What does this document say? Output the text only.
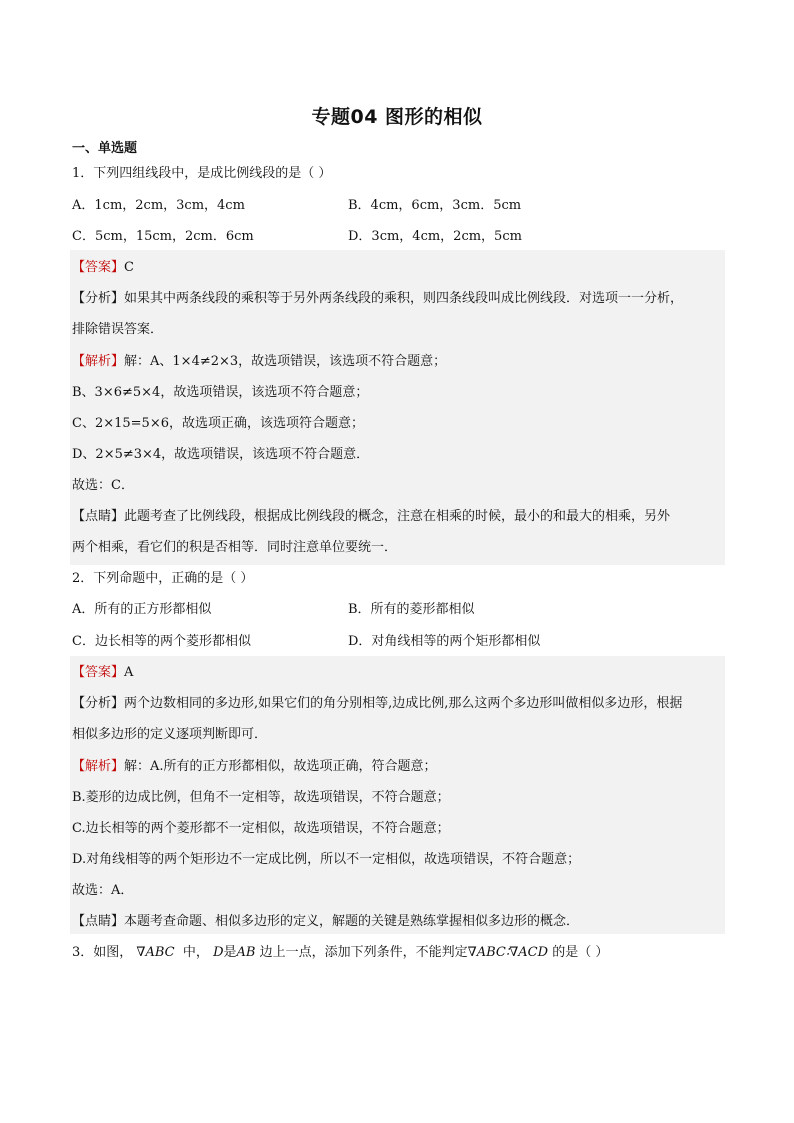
专题04 图形的相似
一、单选题
1．下列四组线段中，是成比例线段的是（ ）
A．1cm，2cm，3cm，4cm	B．4cm，6cm，3cm．5cm
C．5cm，15cm，2cm．6cm	D．3cm，4cm，2cm，5cm
【答案】C
【分析】如果其中两条线段的乘积等于另外两条线段的乘积，则四条线段叫成比例线段．对选项一一分析，
排除错误答案．
【解析】解：A、1×4≠2×3，故选项错误，该选项不符合题意；
B、3×6≠5×4，故选项错误，该选项不符合题意；
C、2×15=5×6，故选项正确，该选项符合题意；
D、2×5≠3×4，故选项错误，该选项不符合题意．
故选：C．
【点睛】此题考查了比例线段，根据成比例线段的概念，注意在相乘的时候，最小的和最大的相乘，另外
两个相乘，看它们的积是否相等．同时注意单位要统一．
2．下列命题中，正确的是（ ）
A．所有的正方形都相似	B．所有的菱形都相似
C．边长相等的两个菱形都相似	D．对角线相等的两个矩形都相似
【答案】A
【分析】两个边数相同的多边形,如果它们的角分别相等,边成比例,那么这两个多边形叫做相似多边形，根据
相似多边形的定义逐项判断即可．
【解析】解：A.所有的正方形都相似，故选项正确，符合题意；
B.菱形的边成比例，但角不一定相等，故选项错误，不符合题意；
C.边长相等的两个菱形都不一定相似，故选项错误，不符合题意；
D.对角线相等的两个矩形边不一定成比例，所以不一定相似，故选项错误，不符合题意；
故选：A．
【点睛】本题考查命题、相似多边形的定义，解题的关键是熟练掌握相似多边形的概念．
3．如图， ∇ABC 中， D是AB 边上一点，添加下列条件，不能判定∇ABC∶∇ACD 的是（ ）
